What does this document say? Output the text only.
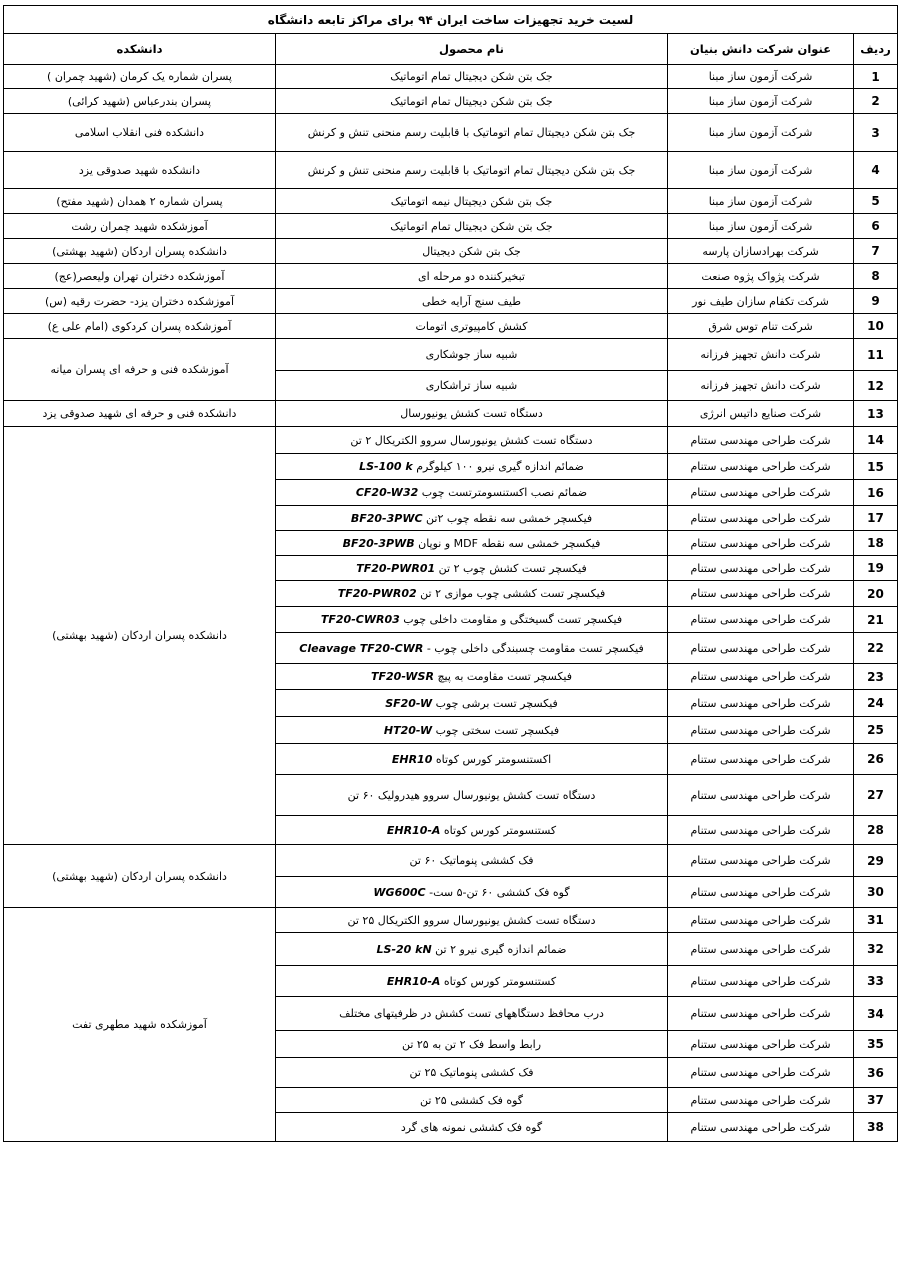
لسیت خرید تجهیزات ساخت ایران ۹۴ برای مراکز تابعه دانشگاه			
ردیف	عنوان شرکت دانش بنیان	نام محصول	دانشکده
1	شرکت آزمون ساز مبنا	جک بتن شکن دیجیتال تمام اتوماتیک	پسران شماره یک کرمان (شهید چمران )
2	شرکت آزمون ساز مبنا	جک بتن شکن دیجیتال تمام اتوماتیک	پسران بندرعباس (شهید کرائی)
3	شرکت آزمون ساز مبنا	جک بتن شکن دیجیتال تمام اتوماتیک با قابلیت رسم منحنی تنش و کرنش	دانشکده فنی انقلاب اسلامی
4	شرکت آزمون ساز مبنا	جک بتن شکن دیجیتال تمام اتوماتیک با قابلیت رسم منحنی تنش و کرنش	دانشکده شهید صدوقی یزد
5	شرکت آزمون ساز مبنا	جک بتن شکن دیجیتال نیمه اتوماتیک	پسران شماره ۲ همدان (شهید مفتح)
6	شرکت آزمون ساز مبنا	جک بتن شکن دیجیتال تمام اتوماتیک	آموزشکده شهید چمران رشت
7	شرکت بهرادسازان پارسه	جک بتن شکن دیجیتال	دانشکده پسران اردکان (شهید بهشتی)
8	شرکت پژواک پژوه صنعت	تبخیرکننده دو مرحله ای	آموزشکده دختران تهران ولیعصر(عج)
9	شرکت تکفام سازان طیف نور	طیف سنج آرایه خطی	آموزشکده دختران یزد- حضرت رقیه (س)
10	شرکت تنام توس شرق	کشش کامپیوتری اتومات	آموزشکده پسران کردکوی (امام علی ع)
11	شرکت دانش تجهیز فرزانه	شبیه ساز جوشکاری	آموزشکده فنی و حرفه ای پسران میانه
12	شرکت دانش تجهیز فرزانه	شبیه ساز تراشکاری	
13	شرکت صنایع داتیس انرژی	دستگاه تست کشش یونیورسال	دانشکده فنی و حرفه ای شهید صدوقی یزد
14	شرکت طراحی مهندسی ستنام	دستگاه تست کشش یونیورسال سروو الکتریکال ۲ تن	دانشکده پسران اردکان (شهید بهشتی)
15	شرکت طراحی مهندسی ستنام	ضمائم اندازه گیری نیرو ۱۰۰ کیلوگرم LS-100 k	
16	شرکت طراحی مهندسی ستنام	ضمائم نصب اکستنسومترتست چوب CF20-W32	
17	شرکت طراحی مهندسی ستنام	فیکسچر خمشی سه نقطه چوب ۲تن BF20-3PWC	
18	شرکت طراحی مهندسی ستنام	فیکسچر خمشی سه نقطه MDF و نوپان BF20-3PWB	
19	شرکت طراحی مهندسی ستنام	فیکسچر تست کشش چوب ۲ تن TF20-PWR01	
20	شرکت طراحی مهندسی ستنام	فیکسچر تست کششی چوب موازی ۲ تن TF20-PWR02	
21	شرکت طراحی مهندسی ستنام	فیکسچر تست گسیختگی و مقاومت داخلی چوب TF20-CWR03	
22	شرکت طراحی مهندسی ستنام	فیکسچر تست مقاومت چسبندگی داخلی چوب - Cleavage TF20-CWR	
23	شرکت طراحی مهندسی ستنام	فیکسچر تست مقاومت به پیچ TF20-WSR	
24	شرکت طراحی مهندسی ستنام	فیکسچر تست برشی چوب SF20-W	
25	شرکت طراحی مهندسی ستنام	فیکسچر تست سختی چوب HT20-W	
26	شرکت طراحی مهندسی ستنام	اکستنسومتر کورس کوتاه EHR10	
27	شرکت طراحی مهندسی ستنام	دستگاه تست کشش یونیورسال سروو هیدرولیک ۶۰ تن	
28	شرکت طراحی مهندسی ستنام	کستنسومتر کورس کوتاه EHR10-A	
29	شرکت طراحی مهندسی ستنام	فک کششی پنوماتیک ۶۰ تن	دانشکده پسران اردکان (شهید بهشتی)
30	شرکت طراحی مهندسی ستنام	گوه فک کششی ۶۰ تن-۵ ست- WG600C	
31	شرکت طراحی مهندسی ستنام	دستگاه تست کشش یونیورسال سروو الکتریکال ۲۵ تن	آموزشکده شهید مطهری تفت
32	شرکت طراحی مهندسی ستنام	ضمائم اندازه گیری نیرو ۲ تن LS-20 kN	
33	شرکت طراحی مهندسی ستنام	کستنسومتر کورس کوتاه EHR10-A	
34	شرکت طراحی مهندسی ستنام	درب محافظ دستگاههای تست کشش در ظرفیتهای مختلف	
35	شرکت طراحی مهندسی ستنام	رابط واسط فک ۲ تن به ۲۵ تن	
36	شرکت طراحی مهندسی ستنام	فک کششی پنوماتیک ۲۵ تن	
37	شرکت طراحی مهندسی ستنام	گوه فک کششی ۲۵ تن	
38	شرکت طراحی مهندسی ستنام	گوه فک کششی نمونه های گرد	
